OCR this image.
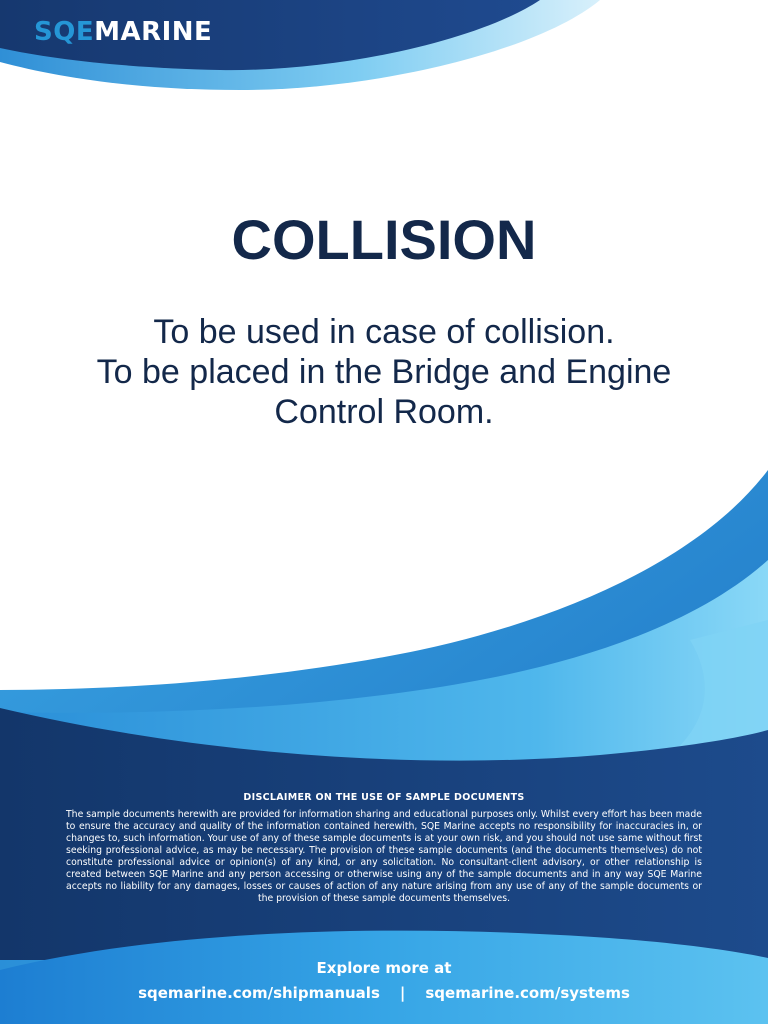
SQEMARINE
COLLISION
To be used in case of collision.
To be placed in the Bridge and Engine
Control Room.

DISCLAIMER ON THE USE OF SAMPLE DOCUMENTS

The sample documents herewith are provided for information sharing and educational purposes only. Whilst every effort has been made to ensure the accuracy and quality of the information contained herewith, SQE Marine accepts no responsibility for inaccuracies in, or changes to, such information. Your use of any of these sample documents is at your own risk, and you should not use same without first seeking professional advice, as may be necessary. The provision of these sample documents (and the documents themselves) do not constitute professional advice or opinion(s) of any kind, or any solicitation. No consultant-client advisory, or other relationship is created between SQE Marine and any person accessing or otherwise using any of the sample documents and in any way SQE Marine accepts no liability for any damages, losses or causes of action of any nature arising from any use of any of the sample documents or the provision of these sample documents themselves.

Explore more at

sqemarine.com/shipmanuals | sqemarine.com/systems
